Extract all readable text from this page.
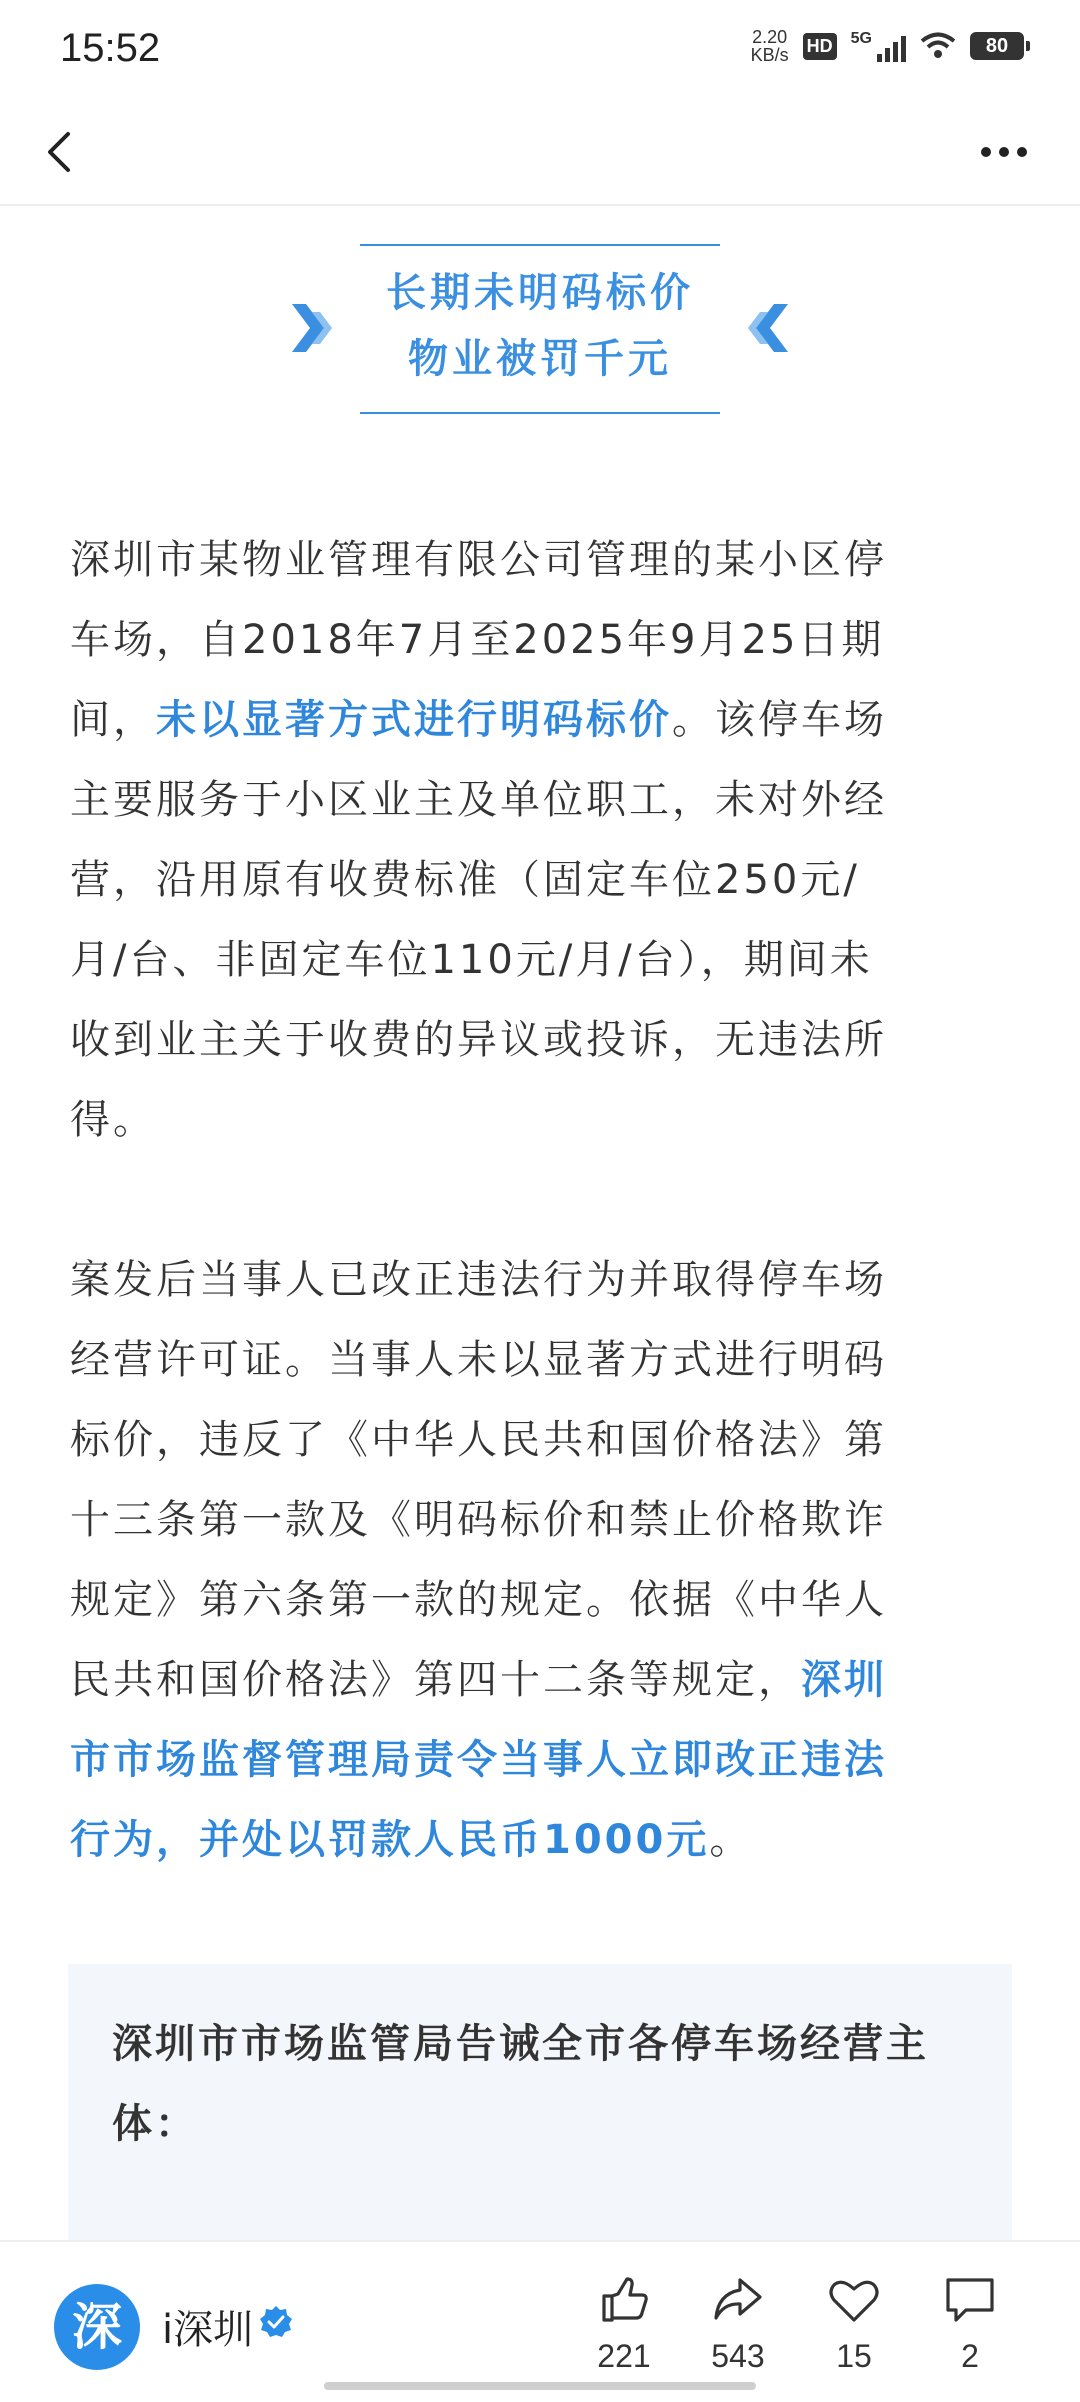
15:52	2.20
KB/s HD 5G	80
长期未明码标价
物业被罚千元
深圳市某物业管理有限公司管理的某小区停
车场，自2018年7月至2025年9月25日期
间，未以显著方式进行明码标价。该停车场
主要服务于小区业主及单位职工，未对外经
营，沿用原有收费标准（固定车位250元/
月/台、非固定车位110元/月/台），期间未
收到业主关于收费的异议或投诉，无违法所
得。
案发后当事人已改正违法行为并取得停车场
经营许可证。当事人未以显著方式进行明码
标价，违反了《中华人民共和国价格法》第
十三条第一款及《明码标价和禁止价格欺诈
规定》第六条第一款的规定。依据《中华人
民共和国价格法》第四十二条等规定，深圳
市市场监督管理局责令当事人立即改正违法
行为，并处以罚款人民币1000元。
深圳市市场监管局告诫全市各停车场经营主体：
深	i深圳
221	543	15	2
